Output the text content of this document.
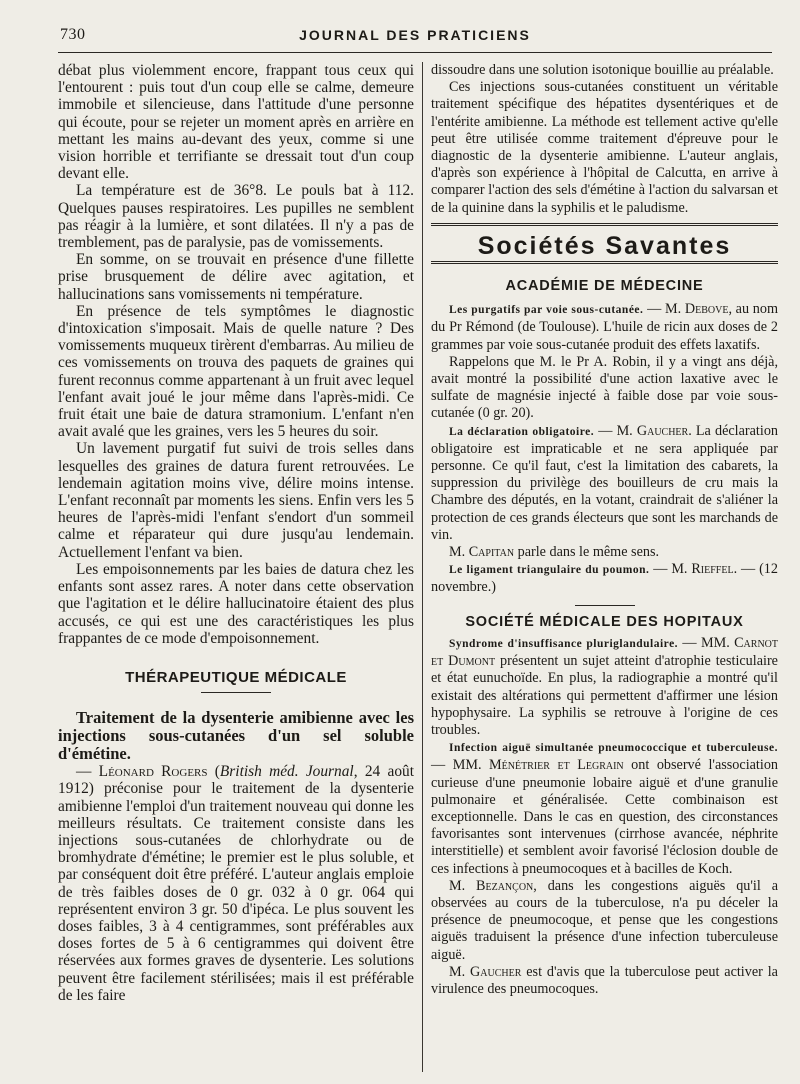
730	JOURNAL DES PRATICIENS

débat plus violemment encore, frappant tous ceux qui l'entourent : puis tout d'un coup elle se calme, demeure immobile et silencieuse, dans l'attitude d'une personne qui écoute, pour se rejeter un moment après en arrière en mettant les mains au-devant des yeux, comme si une vision horrible et terrifiante se dressait tout d'un coup devant elle.

La température est de 36°8. Le pouls bat à 112. Quelques pauses respiratoires. Les pupilles ne semblent pas réagir à la lumière, et sont dilatées. Il n'y a pas de tremblement, pas de paralysie, pas de vomissements.

En somme, on se trouvait en présence d'une fillette prise brusquement de délire avec agitation, et hallucinations sans vomissements ni température.

En présence de tels symptômes le diagnostic d'intoxication s'imposait. Mais de quelle nature ? Des vomissements muqueux tirèrent d'embarras. Au milieu de ces vomissements on trouva des paquets de graines qui furent reconnus comme appartenant à un fruit avec lequel l'enfant avait joué le jour même dans l'après-midi. Ce fruit était une baie de datura stramonium. L'enfant n'en avait avalé que les graines, vers les 5 heures du soir.

Un lavement purgatif fut suivi de trois selles dans lesquelles des graines de datura furent retrouvées. Le lendemain agitation moins vive, délire moins intense. L'enfant reconnaît par moments les siens. Enfin vers les 5 heures de l'après-midi l'enfant s'endort d'un sommeil calme et réparateur qui dure jusqu'au lendemain. Actuellement l'enfant va bien.

Les empoisonnements par les baies de datura chez les enfants sont assez rares. A noter dans cette observation que l'agitation et le délire hallucinatoire étaient des plus accusés, ce qui est une des caractéristiques les plus frappantes de ce mode d'empoisonnement.

THÉRAPEUTIQUE MÉDICALE

Traitement de la dysenterie amibienne avec les injections sous-cutanées d'un sel soluble d'émétine.

— Léonard Rogers (British méd. Journal, 24 août 1912) préconise pour le traitement de la dysenterie amibienne l'emploi d'un traitement nouveau qui donne les meilleurs résultats. Ce traitement consiste dans les injections sous-cutanées de chlorhydrate ou de bromhydrate d'émétine; le premier est le plus soluble, et par conséquent doit être préféré. L'auteur anglais emploie de très faibles doses de 0 gr. 032 à 0 gr. 064 qui représentent environ 3 gr. 50 d'ipéca. Le plus souvent les doses faibles, 3 à 4 centigrammes, sont préférables aux doses fortes de 5 à 6 centigrammes qui doivent être réservées aux formes graves de dysenterie. Les solutions peuvent être facilement stérilisées; mais il est préférable de les faire

dissoudre dans une solution isotonique bouillie au préalable.

Ces injections sous-cutanées constituent un véritable traitement spécifique des hépatites dysentériques et de l'entérite amibienne. La méthode est tellement active qu'elle peut être utilisée comme traitement d'épreuve pour le diagnostic de la dysenterie amibienne. L'auteur anglais, d'après son expérience à l'hôpital de Calcutta, en arrive à comparer l'action des sels d'émétine à l'action du salvarsan et de la quinine dans la syphilis et le paludisme.

Sociétés Savantes
ACADÉMIE DE MÉDECINE

Les purgatifs par voie sous-cutanée. — M. Debove, au nom du Pr Rémond (de Toulouse). L'huile de ricin aux doses de 2 grammes par voie sous-cutanée produit des effets laxatifs.

Rappelons que M. le Pr A. Robin, il y a vingt ans déjà, avait montré la possibilité d'une action laxative avec le sulfate de magnésie injecté à faible dose par voie sous-cutanée (0 gr. 20).

La déclaration obligatoire. — M. Gaucher. La déclaration obligatoire est impraticable et ne sera appliquée par personne. Ce qu'il faut, c'est la limitation des cabarets, la suppression du privilège des bouilleurs de cru mais la Chambre des députés, en la votant, craindrait de s'aliéner la protection de ces grands électeurs que sont les marchands de vin.

M. Capitan parle dans le même sens.

Le ligament triangulaire du poumon. — M. Rieffel. — (12 novembre.)

SOCIÉTÉ MÉDICALE DES HOPITAUX

Syndrome d'insuffisance pluriglandulaire. — MM. Carnot et Dumont présentent un sujet atteint d'atrophie testiculaire et état eunuchoïde. En plus, la radiographie a montré qu'il existait des altérations qui permettent d'affirmer une lésion hypophysaire. La syphilis se retrouve à l'origine de ces troubles.

Infection aiguë simultanée pneumococcique et tuberculeuse. — MM. Ménétrier et Legrain ont observé l'association curieuse d'une pneumonie lobaire aiguë et d'une granulie pulmonaire et généralisée. Cette combinaison est exceptionnelle. Dans le cas en question, des circonstances favorisantes sont intervenues (cirrhose avancée, néphrite interstitielle) et semblent avoir favorisé l'éclosion double de ces infections à pneumocoques et à bacilles de Koch.

M. Bezançon, dans les congestions aiguës qu'il a observées au cours de la tuberculose, n'a pu déceler la présence de pneumocoque, et pense que les congestions aiguës traduisent la présence d'une infection tuberculeuse aiguë.

M. Gaucher est d'avis que la tuberculose peut activer la virulence des pneumocoques.
